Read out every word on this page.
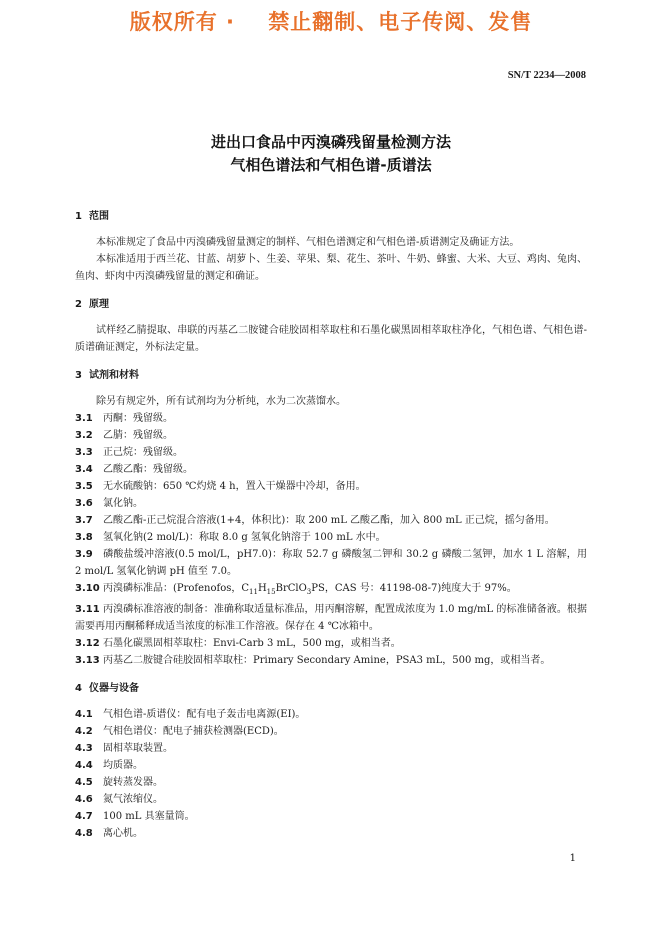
版权所有 ·    禁止翻制、电子传阅、发售
SN/T 2234—2008
进出口食品中丙溴磷残留量检测方法
气相色谱法和气相色谱-质谱法

1 范围

本标准规定了食品中丙溴磷残留量测定的制样、气相色谱测定和气相色谱-质谱测定及确证方法。

本标准适用于西兰花、甘蓝、胡萝卜、生姜、苹果、梨、花生、茶叶、牛奶、蜂蜜、大米、大豆、鸡肉、兔肉、鱼肉、虾肉中丙溴磷残留量的测定和确证。

2 原理

试样经乙腈提取、串联的丙基乙二胺键合硅胶固相萃取柱和石墨化碳黑固相萃取柱净化，气相色谱、气相色谱-质谱确证测定，外标法定量。

3 试剂和材料

除另有规定外，所有试剂均为分析纯，水为二次蒸馏水。

3.1 丙酮：残留级。

3.2 乙腈：残留级。

3.3 正己烷：残留级。

3.4 乙酸乙酯：残留级。

3.5 无水硫酸钠：650 ℃灼烧 4 h，置入干燥器中冷却，备用。

3.6 氯化钠。

3.7 乙酸乙酯-正己烷混合溶液(1+4，体积比)：取 200 mL 乙酸乙酯，加入 800 mL 正己烷，摇匀备用。

3.8 氢氧化钠(2 mol/L)：称取 8.0 g 氢氧化钠溶于 100 mL 水中。

3.9 磷酸盐缓冲溶液(0.5 mol/L，pH7.0)：称取 52.7 g 磷酸氢二钾和 30.2 g 磷酸二氢钾，加水 1 L 溶解，用 2 mol/L 氢氧化钠调 pH 值至 7.0。

3.10 丙溴磷标准品：(Profenofos，$C_{11}H_{15}BrClO_3PS$，CAS 号：41198-08-7)纯度大于 97%。

3.11 丙溴磷标准溶液的制备：准确称取适量标准品，用丙酮溶解，配置成浓度为 1.0 mg/mL 的标准储备液。根据需要再用丙酮稀释成适当浓度的标准工作溶液。保存在 4 ℃冰箱中。

3.12 石墨化碳黑固相萃取柱：Envi-Carb 3 mL，500 mg，或相当者。

3.13 丙基乙二胺键合硅胶固相萃取柱：Primary Secondary Amine，PSA3 mL，500 mg，或相当者。

4 仪器与设备

4.1 气相色谱-质谱仪：配有电子轰击电离源(EI)。

4.2 气相色谱仪：配电子捕获检测器(ECD)。

4.3 固相萃取装置。

4.4 均质器。

4.5 旋转蒸发器。

4.6 氮气浓缩仪。

4.7 100 mL 具塞量筒。

4.8 离心机。

1
